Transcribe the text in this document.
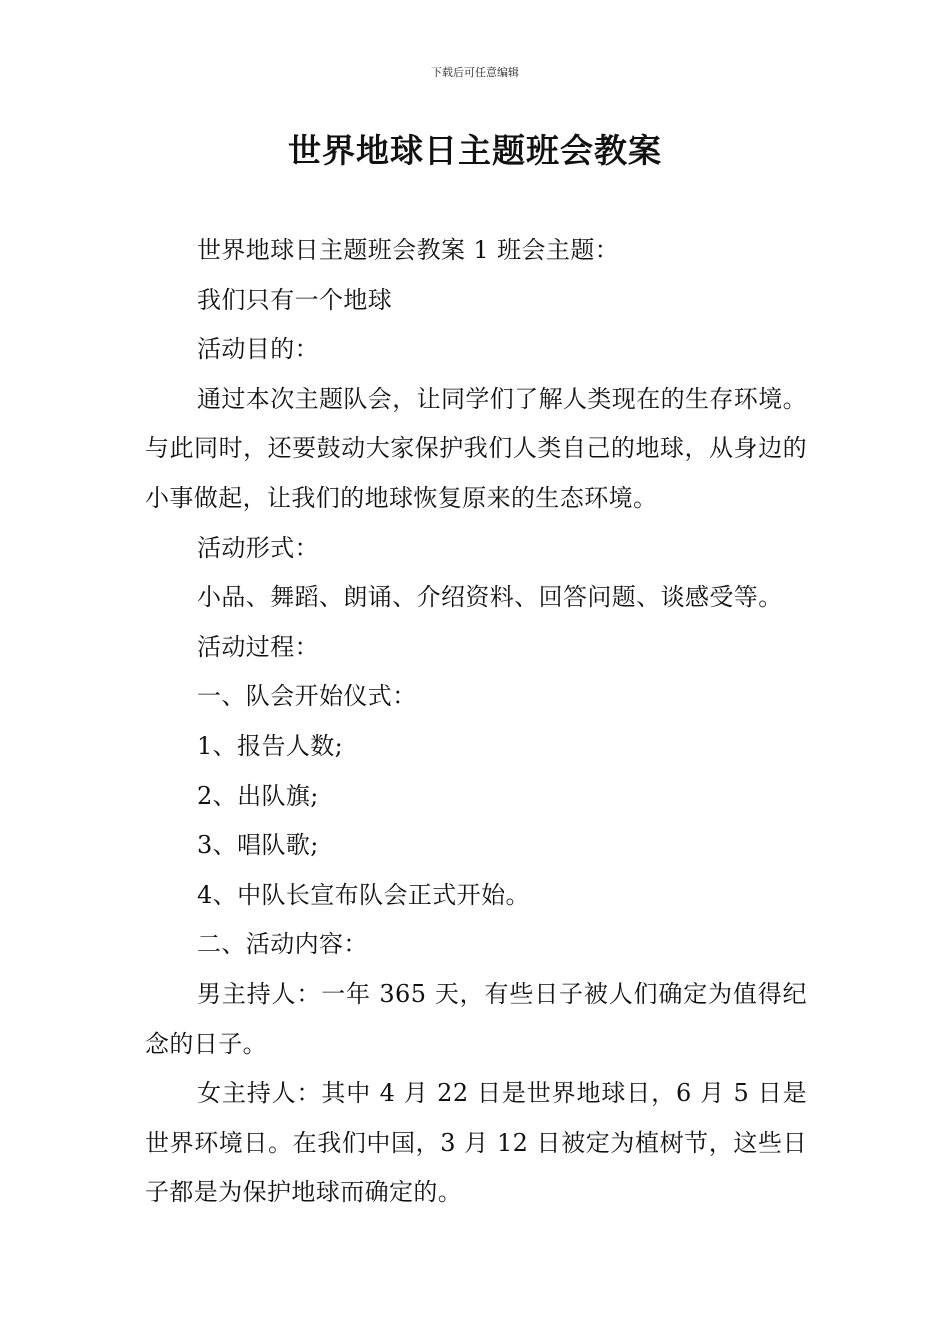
下载后可任意编辑
世界地球日主题班会教案

世界地球日主题班会教案 1 班会主题：

我们只有一个地球

活动目的：

通过本次主题队会，让同学们了解人类现在的生存环境。与此同时，还要鼓动大家保护我们人类自己的地球，从身边的小事做起，让我们的地球恢复原来的生态环境。

活动形式：

小品、舞蹈、朗诵、介绍资料、回答问题、谈感受等。

活动过程：

一、队会开始仪式：

1、报告人数;

2、出队旗;

3、唱队歌;

4、中队长宣布队会正式开始。

二、活动内容：

男主持人：一年 365 天，有些日子被人们确定为值得纪念的日子。

女主持人：其中 4 月 22 日是世界地球日，6 月 5 日是世界环境日。在我们中国，3 月 12 日被定为植树节，这些日子都是为保护地球而确定的。
